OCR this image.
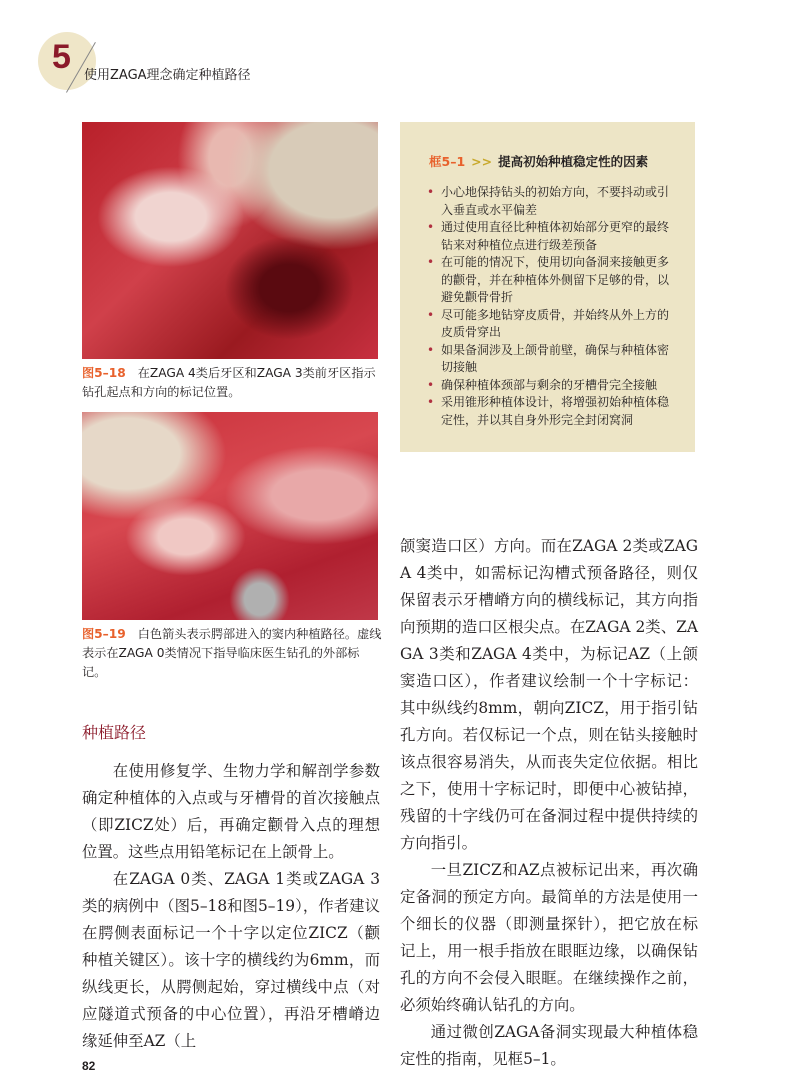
5 使用ZAGA理念确定种植路径
图5–18 在ZAGA 4类后牙区和ZAGA 3类前牙区指示钻孔起点和方向的标记位置。
图5–19 白色箭头表示腭部进入的窦内种植路径。虚线表示在ZAGA 0类情况下指导临床医生钻孔的外部标记。
框5–1 >> 提高初始种植稳定性的因素
• 小心地保持钻头的初始方向，不要抖动或引入垂直或水平偏差
• 通过使用直径比种植体初始部分更窄的最终钻来对种植位点进行级差预备
• 在可能的情况下，使用切向备洞来接触更多的颧骨，并在种植体外侧留下足够的骨，以避免颧骨骨折
• 尽可能多地钻穿皮质骨，并始终从外上方的皮质骨穿出
• 如果备洞涉及上颌骨前壁，确保与种植体密切接触
• 确保种植体颈部与剩余的牙槽骨完全接触
• 采用锥形种植体设计，将增强初始种植体稳定性，并以其自身外形完全封闭窝洞
种植路径

在使用修复学、生物力学和解剖学参数确定种植体的入点或与牙槽骨的首次接触点（即ZICZ处）后，再确定颧骨入点的理想位置。这些点用铅笔标记在上颌骨上。

在ZAGA 0类、ZAGA 1类或ZAGA 3类的病例中（图5–18和图5–19），作者建议在腭侧表面标记一个十字以定位ZICZ（颧种植关键区）。该十字的横线约为6mm，而纵线更长，从腭侧起始，穿过横线中点（对应隧道式预备的中心位置），再沿牙槽嵴边缘延伸至AZ（上

颌窦造口区）方向。而在ZAGA 2类或ZAGA 4类中，如需标记沟槽式预备路径，则仅保留表示牙槽嵴方向的横线标记，其方向指向预期的造口区根尖点。在ZAGA 2类、ZAGA 3类和ZAGA 4类中，为标记AZ（上颌窦造口区），作者建议绘制一个十字标记：其中纵线约8mm，朝向ZICZ，用于指引钻孔方向。若仅标记一个点，则在钻头接触时该点很容易消失，从而丧失定位依据。相比之下，使用十字标记时，即便中心被钻掉，残留的十字线仍可在备洞过程中提供持续的方向指引。

一旦ZICZ和AZ点被标记出来，再次确定备洞的预定方向。最简单的方法是使用一个细长的仪器（即测量探针），把它放在标记上，用一根手指放在眼眶边缘，以确保钻孔的方向不会侵入眼眶。在继续操作之前，必须始终确认钻孔的方向。

通过微创ZAGA备洞实现最大种植体稳定性的指南，见框5–1。

82
